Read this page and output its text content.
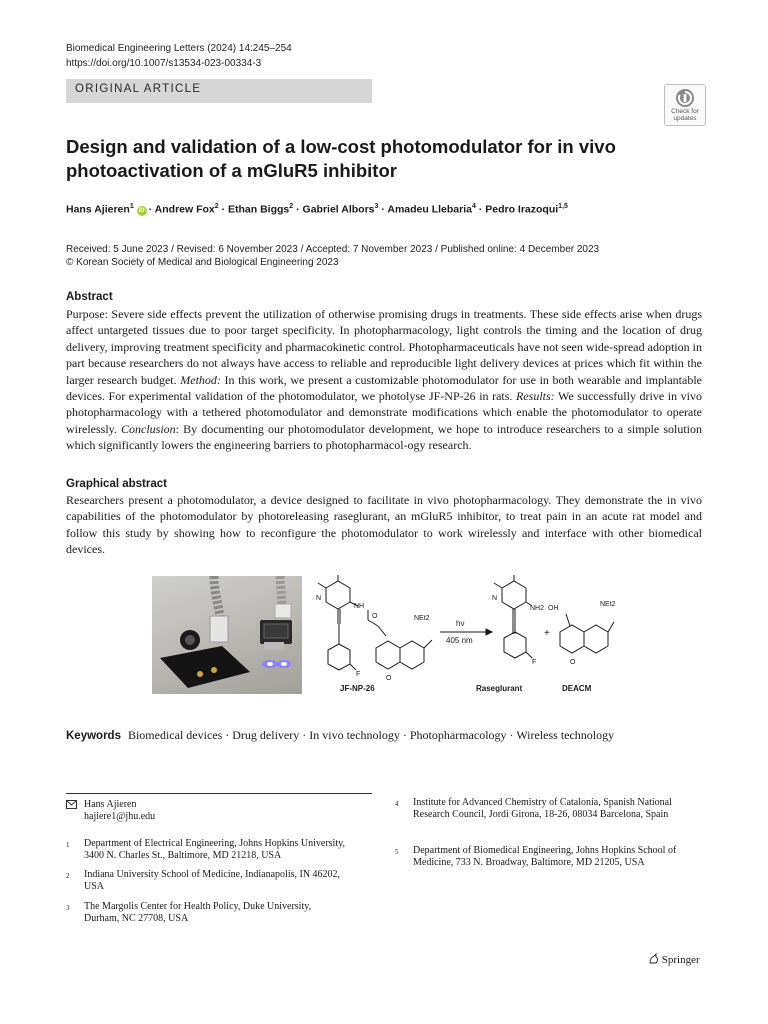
Biomedical Engineering Letters (2024) 14:245–254
https://doi.org/10.1007/s13534-023-00334-3
ORIGINAL ARTICLE
Check for
updates
Design and validation of a low-cost photomodulator for in vivo photoactivation of a mGluR5 inhibitor
Hans Ajieren$^1$ iD · Andrew Fox$^2$ · Ethan Biggs$^2$ · Gabriel Albors$^3$ · Amadeu Llebaria$^4$ · Pedro Irazoqui$^{1,5}$
Received: 5 June 2023 / Revised: 6 November 2023 / Accepted: 7 November 2023 / Published online: 4 December 2023
© Korean Society of Medical and Biological Engineering 2023
Abstract
Purpose: Severe side effects prevent the utilization of otherwise promising drugs in treatments. These side effects arise when drugs affect untargeted tissues due to poor target specificity. In photopharmacology, light controls the timing and the location of drug delivery, improving treatment specificity and pharmacokinetic control. Photopharmaceuticals have not seen wide-spread adoption in part because researchers do not always have access to reliable and reproducible light delivery devices at prices which fit within the larger research budget. Method: In this work, we present a customizable photomodulator for use in both wearable and implantable devices. For experimental validation of the photomodulator, we photolyse JF-NP-26 in rats. Results: We successfully drive in vivo photopharmacology with a tethered photomodulator and demonstrate modifications which enable the photomodulator to operate wirelessly. Conclusion: By documenting our photomodulator development, we hope to introduce researchers to a simple solution which significantly lowers the engineering barriers to photopharmacol-ogy research.
Graphical abstract
Researchers present a photomodulator, a device designed to facilitate in vivo photopharmacology. They demonstrate the in vivo capabilities of the photomodulator by photoreleasing raseglurant, an mGluR5 inhibitor, to treat pain in an acute rat model and follow this study by showing how to reconfigure the photomodulator to work wirelessly and interface with other biomedical devices.
N
NH
O	NEt2
F
O
N
NH2
F
OH
NEt2
O
hν
405 nm
+
JF-NP-26	Raseglurant	DEACM
Keywords Biomedical devices · Drug delivery · In vivo technology · Photopharmacology · Wireless technology
Hans Ajieren
hajiere1@jhu.edu
1 Department of Electrical Engineering, Johns Hopkins University, 3400 N. Charles St., Baltimore, MD 21218, USA
2 Indiana University School of Medicine, Indianapolis, IN 46202, USA
3 The Margolis Center for Health Policy, Duke University, Durham, NC 27708, USA
4 Institute for Advanced Chemistry of Catalonia, Spanish National Research Council, Jordi Girona, 18-26, 08034 Barcelona, Spain
5 Department of Biomedical Engineering, Johns Hopkins School of Medicine, 733 N. Broadway, Baltimore, MD 21205, USA
Springer
